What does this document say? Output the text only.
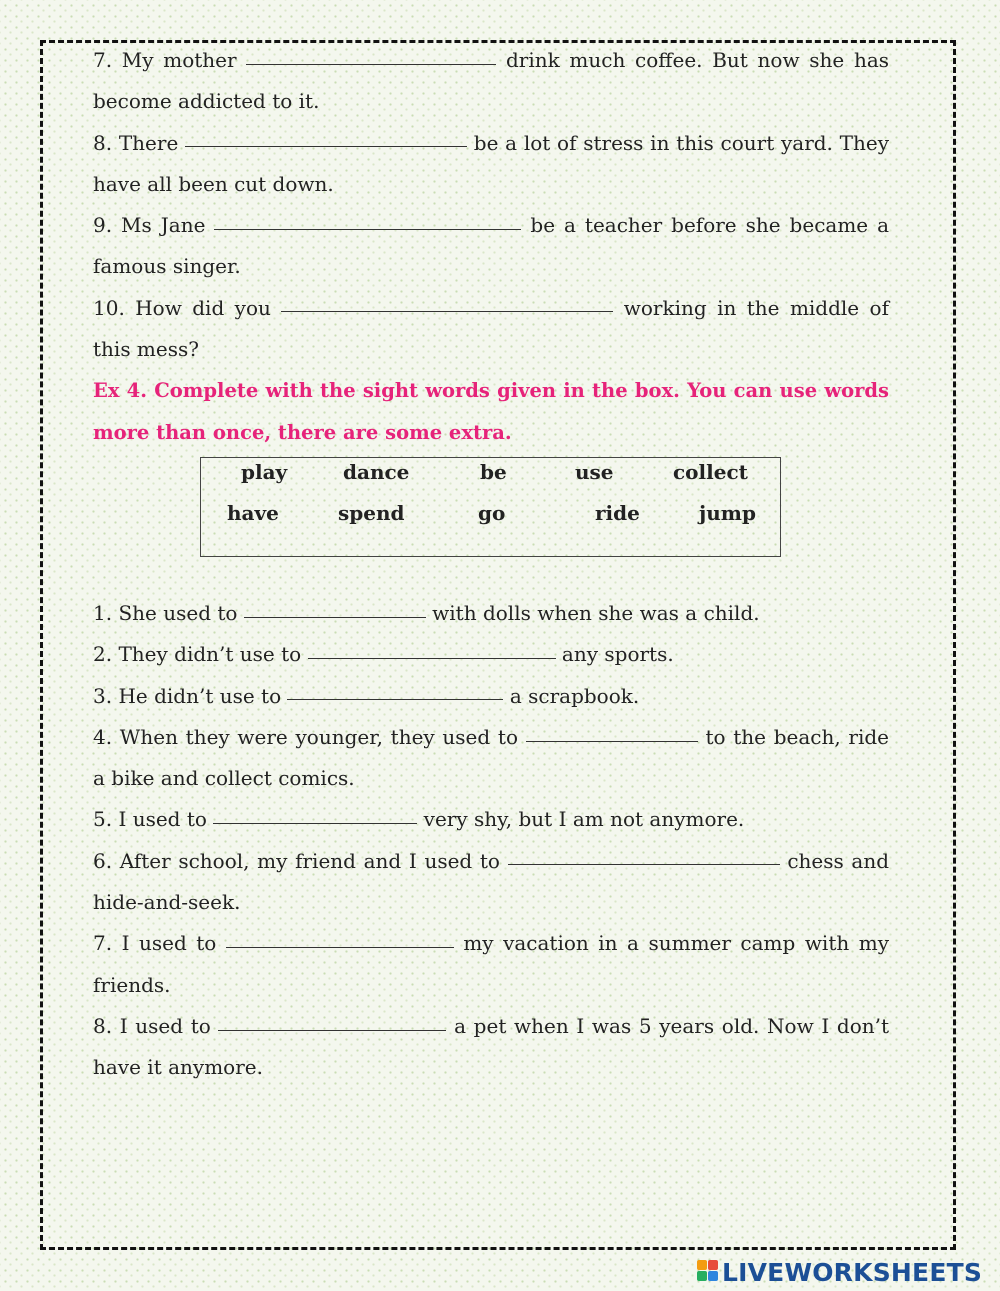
7. My mother	drink much coffee. But now she has
become addicted to it.
8. There	be a lot of stress in this court yard. They
have all been cut down.
9. Ms Jane	be a teacher before she became a
famous singer.
10. How did you	working in the middle of
this mess?
Ex 4. Complete with the sight words given in the box. You can use words
more than once, there are some extra.
play	dance	be	use	collect
have	spend	go	ride	jump
1. She used to	with dolls when she was a child.
2. They didn’t use to	any sports.
3. He didn’t use to	a scrapbook.
4. When they were younger, they used to	to the beach, ride
a bike and collect comics.
5. I used to	very shy, but I am not anymore.
6. After school, my friend and I used to	chess and
hide-and-seek.
7. I used to	my vacation in a summer camp with my
friends.
8. I used to	a pet when I was 5 years old. Now I don’t
have it anymore.
LIVEWORKSHEETS
